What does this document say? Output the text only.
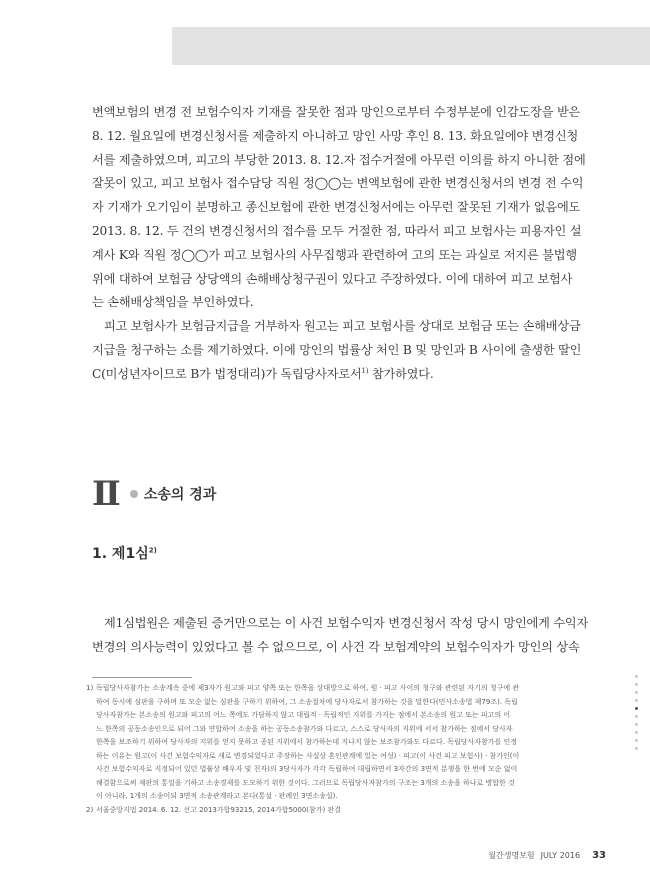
변액보험의 변경 전 보험수익자 기재를 잘못한 점과 망인으로부터 수정부분에 인감도장을 받은
8. 12. 월요일에 변경신청서를 제출하지 아니하고 망인 사망 후인 8. 13. 화요일에야 변경신청
서를 제출하였으며, 피고의 부당한 2013. 8. 12.자 접수거절에 아무런 이의를 하지 아니한 점에
잘못이 있고, 피고 보험사 접수담당 직원 정◯◯는 변액보험에 관한 변경신청서의 변경 전 수익
자 기재가 오기임이 분명하고 종신보험에 관한 변경신청서에는 아무런 잘못된 기재가 없음에도
2013. 8. 12. 두 건의 변경신청서의 접수를 모두 거절한 점, 따라서 피고 보험사는 피용자인 설
계사 K와 직원 정◯◯가 피고 보험사의 사무집행과 관련하여 고의 또는 과실로 저지른 불법행
위에 대하여 보험금 상당액의 손해배상청구권이 있다고 주장하였다. 이에 대하여 피고 보험사
는 손해배상책임을 부인하였다.

피고 보험사가 보험금지급을 거부하자 원고는 피고 보험사를 상대로 보험금 또는 손해배상금
지급을 청구하는 소를 제기하였다. 이에 망인의 법률상 처인 B 및 망인과 B 사이에 출생한 딸인
C(미성년자이므로 B가 법정대리)가 독립당사자로서$^{1)}$ 참가하였다.

II 소송의 경과
1. 제1심$^{2)}$

제1심법원은 제출된 증거만으로는 이 사건 보험수익자 변경신청서 작성 당시 망인에게 수익자
변경의 의사능력이 있었다고 볼 수 없으므로, 이 사건 각 보험계약의 보험수익자가 망인의 상속

1) 독립당사자참가는 소송계속 중에 제3자가 원고와 피고 양쪽 또는 한쪽을 상대방으로 하여, 원 · 피고 사이의 청구와 관련된 자기의 청구에 관
하여 동시에 심판을 구하며 또 모순 없는 심판을 구하기 위하여, 그 소송절차에 당사자로서 참가하는 것을 말한다(민사소송법 제79조). 독립
당사자참가는 본소송의 원고와 피고의 어느 쪽에도 가담하지 않고 대립적 · 독립적인 지위를 가지는 점에서 본소송의 원고 또는 피고의 어
느 한쪽의 공동소송인으로 되어 그와 연합하여 소송을 하는 공동소송참가와 다르고, 스스로 당사자의 지위에 서서 참가하는 점에서 당사자
한쪽을 보조하기 위하여 당사자의 지위를 얻지 못하고 종된 지위에서 참가하는데 지나지 않는 보조참가와도 다르다. 독립당사자참가를 인정
하는 이유는 원고(이 사건 보험수익자로 새로 변경되었다고 주장하는 사실상 혼인관계에 있는 여성) · 피고(이 사건 피고 보험사) · 참가인(이
사건 보험수익자로 지정되어 있던 법률상 배우자 및 친자)의 3당사자가 각각 독립하여 대립하면서 3자간의 3면적 분쟁을 한 번에 모순 없이
해결함으로써 재판의 통일을 기하고 소송경제를 도모하기 위한 것이다. 그러므로 독립당사자참가의 구조는 3개의 소송을 하나로 병합한 것
이 아니라, 1개의 소송이되 3면적 소송관계라고 본다(통설 · 판례인 3면소송설).
2) 서울중앙지법 2014. 6. 12. 선고 2013가합93215, 2014가합5000(참가) 판결
월간생명보험 JULY 2016 33
